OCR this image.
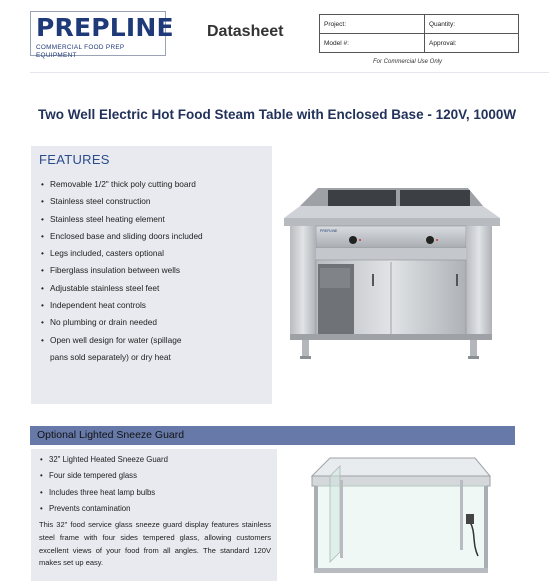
PREPLINE
COMMERCIAL FOOD PREP EQUIPMENT
Datasheet	Project:	Quantity:
Model #:	Approval:
For Commercial Use Only
Two Well Electric Hot Food Steam Table with Enclosed Base - 120V, 1000W
FEATURES
• Removable 1/2" thick poly cutting board
• Stainless steel construction
• Stainless steel heating element
• Enclosed base and sliding doors included
• Legs included, casters optional
• Fiberglass insulation between wells
• Adjustable stainless steel feet
• Independent heat controls
• No plumbing or drain needed
• Open well design for water (spillage
pans sold separately) or dry heat
PREPLINE
Optional Lighted Sneeze Guard
• 32" Lighted Heated Sneeze Guard
• Four side tempered glass
• Includes three heat lamp bulbs
• Prevents contamination
This 32" food service glass sneeze guard display features stainless steel frame with four sides tempered glass, allowing customers excellent views of your food from all angles. The standard 120V makes set up easy.
